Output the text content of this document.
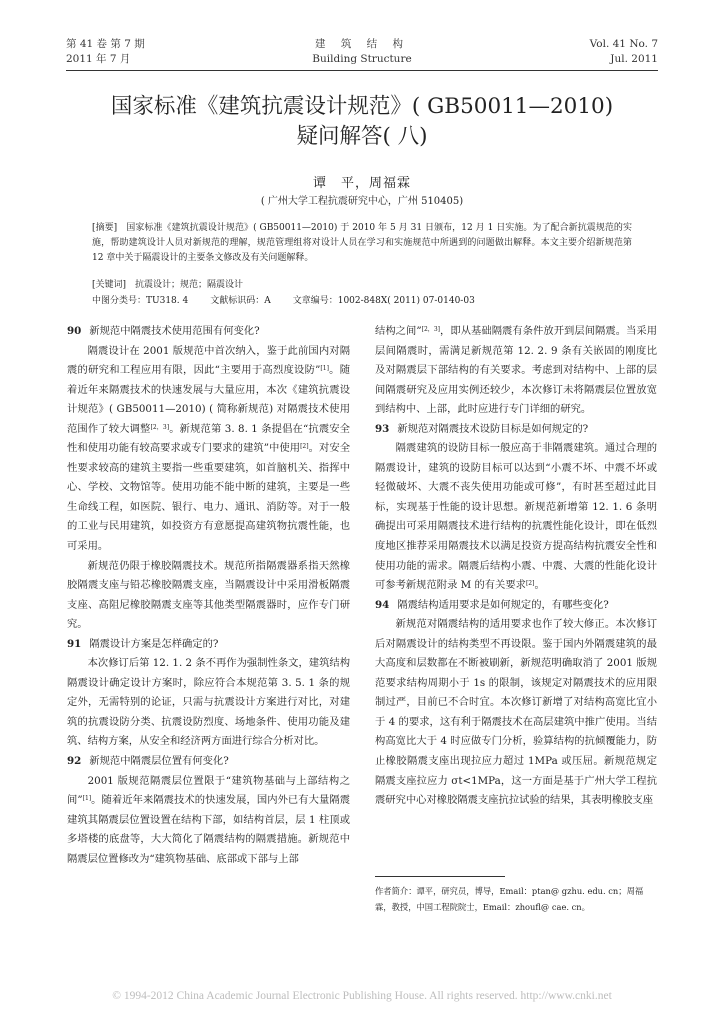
第 41 卷 第 7 期
2011 年 7 月
建 筑 结 构
Building Structure
Vol. 41 No. 7
Jul. 2011
国家标准《建筑抗震设计规范》( GB50011—2010)
疑问解答( 八)
谭　平，周福霖
( 广州大学工程抗震研究中心，广州 510405)
[摘要]　国家标准《建筑抗震设计规范》( GB50011—2010) 于 2010 年 5 月 31 日颁布，12 月 1 日实施。为了配合新抗震规范的实施，帮助建筑设计人员对新规范的理解，规范管理组将对设计人员在学习和实施规范中所遇到的问题做出解释。本文主要介绍新规范第 12 章中关于隔震设计的主要条文修改及有关问题解释。
[关键词]　抗震设计；规范；隔震设计
中图分类号：TU318. 4 文献标识码：A 文章编号：1002-848X( 2011) 07-0140-03

90 新规范中隔震技术使用范围有何变化?

隔震设计在 2001 版规范中首次纳入，鉴于此前国内对隔震的研究和工程应用有限，因此“主要用于高烈度设防”[1]。随着近年来隔震技术的快速发展与大量应用，本次《建筑抗震设计规范》( GB50011—2010) ( 简称新规范) 对隔震技术使用范围作了较大调整[2，3]。新规范第 3. 8. 1 条提倡在“抗震安全性和使用功能有较高要求或专门要求的建筑”中使用[2]。对安全性要求较高的建筑主要指一些重要建筑，如首脑机关、指挥中心、学校、文物馆等。使用功能不能中断的建筑，主要是一些生命线工程，如医院、银行、电力、通讯、消防等。对于一般的工业与民用建筑，如投资方有意愿提高建筑物抗震性能，也可采用。

新规范仍限于橡胶隔震技术。规范所指隔震器系指天然橡胶隔震支座与铅芯橡胶隔震支座，当隔震设计中采用滑板隔震支座、高阻尼橡胶隔震支座等其他类型隔震器时，应作专门研究。

91 隔震设计方案是怎样确定的?

本次修订后第 12. 1. 2 条不再作为强制性条文，建筑结构隔震设计确定设计方案时，除应符合本规范第 3. 5. 1 条的规定外，无需特别的论证，只需与抗震设计方案进行对比，对建筑的抗震设防分类、抗震设防烈度、场地条件、使用功能及建筑、结构方案，从安全和经济两方面进行综合分析对比。

92 新规范中隔震层位置有何变化?

2001 版规范隔震层位置限于“建筑物基础与上部结构之间”[1]。随着近年来隔震技术的快速发展，国内外已有大量隔震建筑其隔震层位置设置在结构下部，如结构首层，层 1 柱顶或多塔楼的底盘等，大大简化了隔震结构的隔震措施。新规范中隔震层位置修改为“建筑物基础、底部或下部与上部

结构之间”[2，3]，即从基础隔震有条件放开到层间隔震。当采用层间隔震时，需满足新规范第 12. 2. 9 条有关嵌固的刚度比及对隔震层下部结构的有关要求。考虑到对结构中、上部的层间隔震研究及应用实例还较少，本次修订未将隔震层位置放宽到结构中、上部，此时应进行专门详细的研究。

93 新规范对隔震技术设防目标是如何规定的?

隔震建筑的设防目标一般应高于非隔震建筑。通过合理的隔震设计，建筑的设防目标可以达到“小震不坏、中震不坏或轻微破坏、大震不丧失使用功能或可修”，有时甚至超过此目标，实现基于性能的设计思想。新规范新增第 12. 1. 6 条明确提出可采用隔震技术进行结构的抗震性能化设计，即在低烈度地区推荐采用隔震技术以满足投资方提高结构抗震安全性和使用功能的需求。隔震后结构小震、中震、大震的性能化设计可参考新规范附录 M 的有关要求[2]。

94 隔震结构适用要求是如何规定的，有哪些变化?

新规范对隔震结构的适用要求也作了较大修正。本次修订后对隔震设计的结构类型不再设限。鉴于国内外隔震建筑的最大高度和层数都在不断被刷新，新规范明确取消了 2001 版规范要求结构周期小于 1s 的限制，该规定对隔震技术的应用限制过严，目前已不合时宜。本次修订新增了对结构高宽比宜小于 4 的要求，这有利于隔震技术在高层建筑中推广使用。当结构高宽比大于 4 时应做专门分析，验算结构的抗倾覆能力，防止橡胶隔震支座出现拉应力超过 1MPa 或压屈。新规范规定隔震支座拉应力 σt<1MPa，这一方面是基于广州大学工程抗震研究中心对橡胶隔震支座抗拉试验的结果，其表明橡胶支座

作者简介：谭平，研究员，博导，Email：ptan@ gzhu. edu. cn；周福霖，教授，中国工程院院士，Email：zhoufl@ cae. cn。
© 1994-2012 China Academic Journal Electronic Publishing House. All rights reserved. http://www.cnki.net
